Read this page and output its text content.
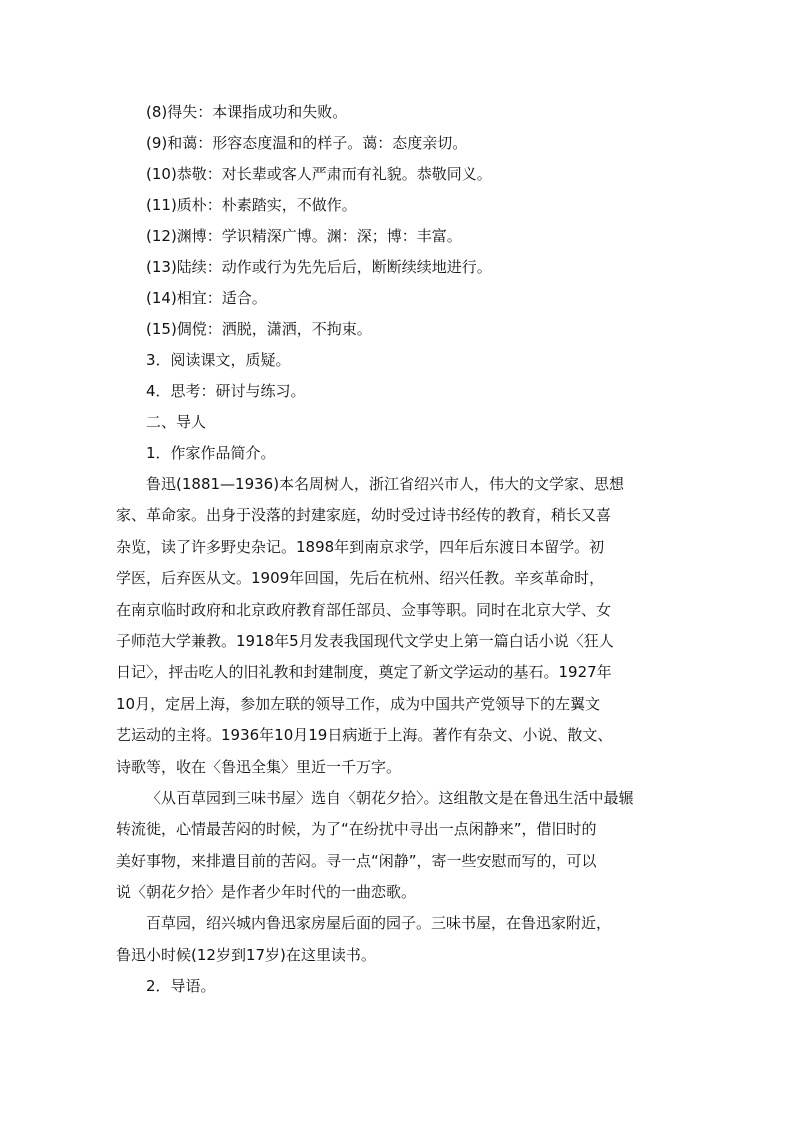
(8)得失：本课指成功和失败。
(9)和蔼：形容态度温和的样子。蔼：态度亲切。
(10)恭敬：对长辈或客人严肃而有礼貌。恭敬同义。
(11)质朴：朴素踏实，不做作。
(12)渊博：学识精深广博。渊：深；博：丰富。
(13)陆续：动作或行为先先后后，断断续续地进行。
(14)相宜：适合。
(15)倜傥：洒脱，潇洒，不拘束。
3．阅读课文，质疑。
4．思考：研讨与练习。
二、导人
1．作家作品简介。
鲁迅(1881—1936)本名周树人，浙江省绍兴市人，伟大的文学家、思想
家、革命家。出身于没落的封建家庭，幼时受过诗书经传的教育，稍长又喜
杂览，读了许多野史杂记。1898年到南京求学，四年后东渡日本留学。初
学医，后弃医从文。1909年回国，先后在杭州、绍兴任教。辛亥革命时，
在南京临时政府和北京政府教育部任部员、佥事等职。同时在北京大学、女
子师范大学兼教。1918年5月发表我国现代文学史上第一篇白话小说〈狂人
日记〉，抨击吃人的旧礼教和封建制度，奠定了新文学运动的基石。1927年
10月，定居上海，参加左联的领导工作，成为中国共产党领导下的左翼文
艺运动的主将。1936年10月19日病逝于上海。著作有杂文、小说、散文、
诗歌等，收在〈鲁迅全集〉里近一千万字。
〈从百草园到三味书屋〉选自〈朝花夕拾〉。这组散文是在鲁迅生活中最辗
转流徙，心情最苦闷的时候，为了“在纷扰中寻出一点闲静来”，借旧时的
美好事物，来排遣目前的苦闷。寻一点“闲静”，寄一些安慰而写的，可以
说〈朝花夕拾〉是作者少年时代的一曲恋歌。
百草园，绍兴城内鲁迅家房屋后面的园子。三味书屋，在鲁迅家附近，
鲁迅小时候(12岁到17岁)在这里读书。
2．导语。
